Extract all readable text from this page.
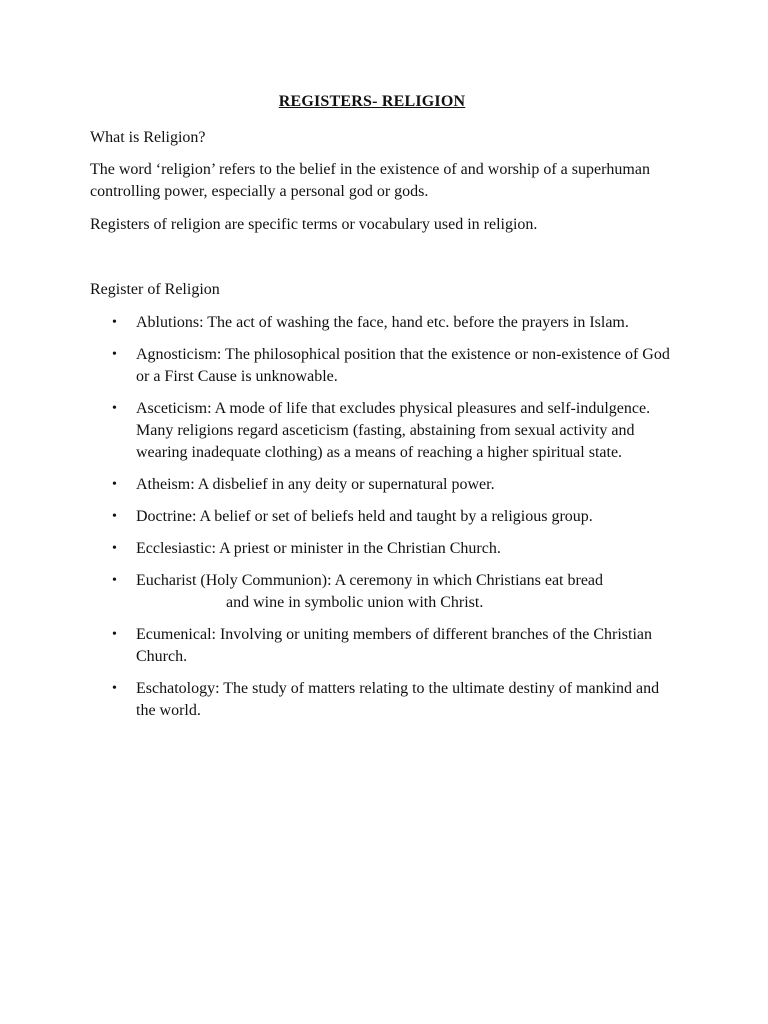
REGISTERS- RELIGION

What is Religion?

The word ‘religion’ refers to the belief in the existence of and worship of a superhuman controlling power, especially a personal god or gods.

Registers of religion are specific terms or vocabulary used in religion.

Register of Religion

• Ablutions: The act of washing the face, hand etc. before the prayers in Islam.
• Agnosticism: The philosophical position that the existence or non-existence of God or a First Cause is unknowable.
• Asceticism: A mode of life that excludes physical pleasures and self-indulgence. Many religions regard asceticism (fasting, abstaining from sexual activity and wearing inadequate clothing) as a means of reaching a higher spiritual state.
• Atheism: A disbelief in any deity or supernatural power.
• Doctrine: A belief or set of beliefs held and taught by a religious group.
• Ecclesiastic: A priest or minister in the Christian Church.
• Eucharist (Holy Communion): A ceremony in which Christians eat bread
and wine in symbolic union with Christ.
• Ecumenical: Involving or uniting members of different branches of the Christian Church.
• Eschatology: The study of matters relating to the ultimate destiny of mankind and the world.
